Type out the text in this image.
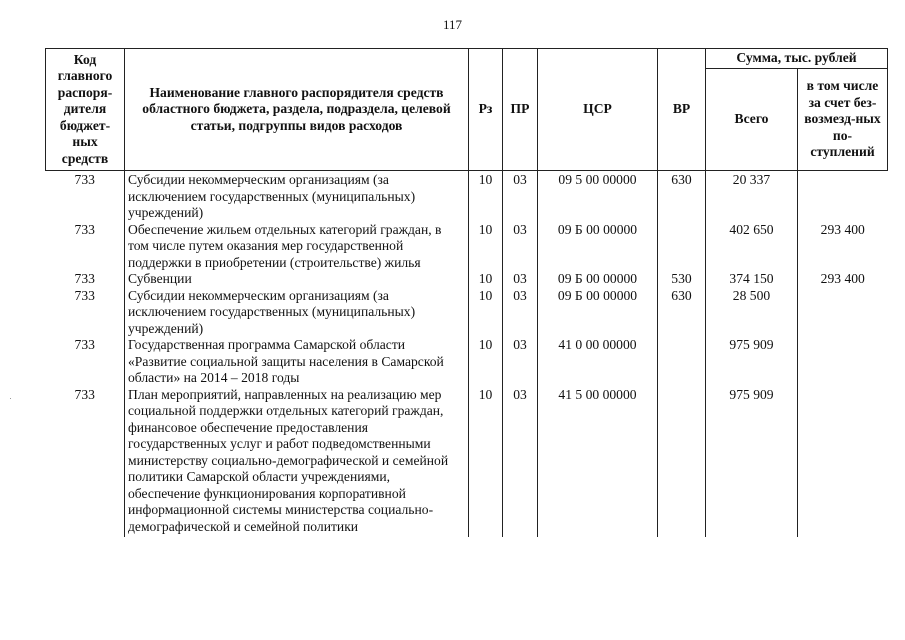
117
Код главного распоря-дителя бюджет-ных средств	Наименование главного распорядителя средств областного бюджета, раздела, подраздела, целевой статьи, подгруппы видов расходов	Рз	ПР	ЦСР	ВР	Сумма, тыс. рублей	
						Всего	в том числе за счет без-возмезд-ных по-ступлений
733	Субсидии некоммерческим организациям (за исключением государственных (муниципальных) учреждений)	10	03	09 5 00 00000	630	20 337	
733	Обеспечение жильем отдельных категорий граждан, в том числе путем оказания мер государственной поддержки в приобретении (строительстве) жилья	10	03	09 Б 00 00000		402 650	293 400
733	Субвенции	10	03	09 Б 00 00000	530	374 150	293 400
733	Субсидии некоммерческим организациям (за исключением государственных (муниципальных) учреждений)	10	03	09 Б 00 00000	630	28 500	
733	Государственная программа Самарской области «Развитие социальной защиты населения в Самарской области» на 2014 – 2018 годы	10	03	41 0 00 00000		975 909	
733	План мероприятий, направленных на реализацию мер социальной поддержки отдельных категорий граждан, финансовое обеспечение предоставления государственных услуг и работ подведомственными министерству социально-демографической и семейной политики Самарской области учреждениями, обеспечение функционирования корпоративной информационной системы министерства социально-демографической и семейной политики	10	03	41 5 00 00000		975 909	
